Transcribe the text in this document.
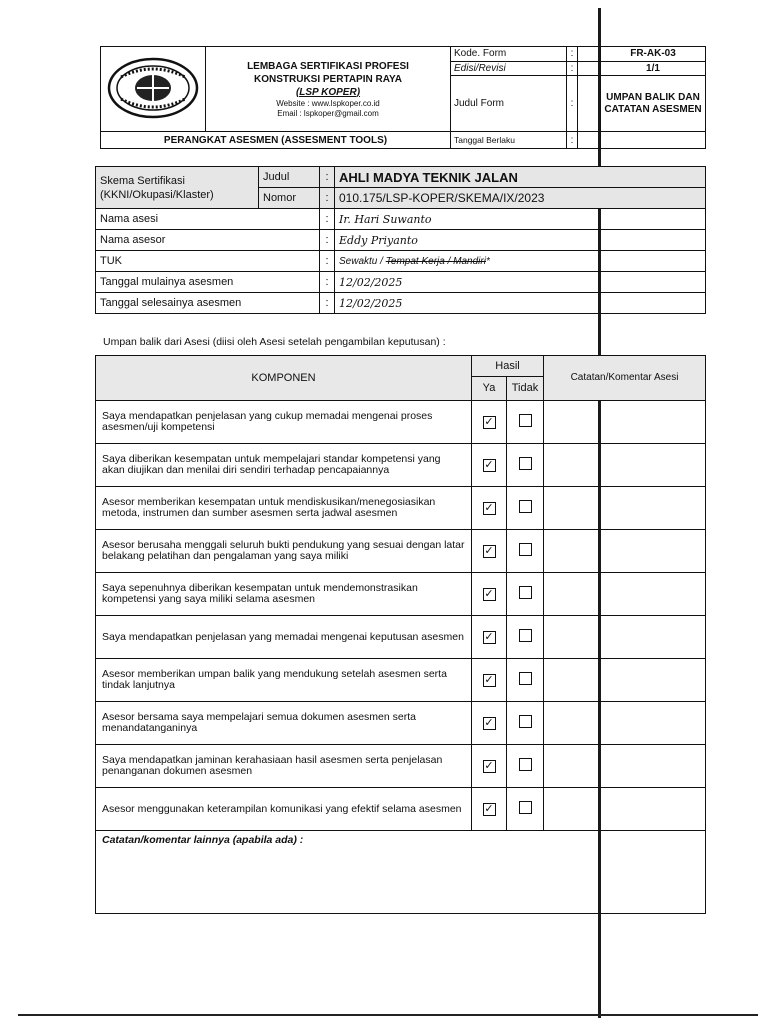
LEMBAGA SERTIFIKASI PROFESI
KONSTRUKSI PERTAPIN RAYA
(LSP KOPER)
Website : www.lspkoper.co.id
Email : lspkoper@gmail.com	Kode. Form	:		FR-AK-03
		Edisi/Revisi	:		1/1
		Judul Form	:		UMPAN BALIK DAN CATATAN ASESMEN
PERANGKAT ASESMEN (ASSESMENT TOOLS)		Tanggal Berlaku	:		
Skema Sertifikasi (KKNI/Okupasi/Klaster)	Judul	:	AHLI MADYA TEKNIK JALAN
	Nomor	:	010.175/LSP-KOPER/SKEMA/IX/2023
Nama asesi		:	Ir. Hari Suwanto
Nama asesor		:	Eddy Priyanto
TUK		:	Sewaktu / Tempat Kerja / Mandiri*
Tanggal mulainya asesmen		:	12/02/2025
Tanggal selesainya asesmen		:	12/02/2025
Umpan balik dari Asesi (diisi oleh Asesi setelah pengambilan keputusan) :
KOMPONEN	Hasil		Catatan/Komentar Asesi
	Ya	Tidak	
Saya mendapatkan penjelasan yang cukup memadai mengenai proses asesmen/uji kompetensi	✓		
Saya diberikan kesempatan untuk mempelajari standar kompetensi yang akan diujikan dan menilai diri sendiri terhadap pencapaiannya	✓		
Asesor memberikan kesempatan untuk mendiskusikan/menegosiasikan metoda, instrumen dan sumber asesmen serta jadwal asesmen	✓		
Asesor berusaha menggali seluruh bukti pendukung yang sesuai dengan latar belakang pelatihan dan pengalaman yang saya miliki	✓		
Saya sepenuhnya diberikan kesempatan untuk mendemonstrasikan kompetensi yang saya miliki selama asesmen	✓		
Saya mendapatkan penjelasan yang memadai mengenai keputusan asesmen	✓		
Asesor memberikan umpan balik yang mendukung setelah asesmen serta tindak lanjutnya	✓		
Asesor bersama saya mempelajari semua dokumen asesmen serta menandatanganinya	✓		
Saya mendapatkan jaminan kerahasiaan hasil asesmen serta penjelasan penanganan dokumen asesmen	✓		
Asesor menggunakan keterampilan komunikasi yang efektif selama asesmen	✓		
Catatan/komentar lainnya (apabila ada) :			
